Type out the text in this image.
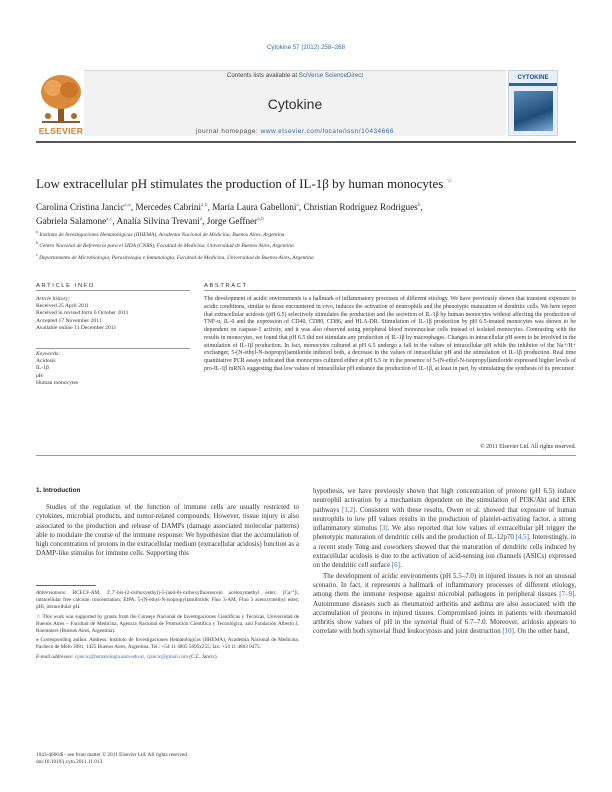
Cytokine 57 (2012) 258–268
Contents lists available at SciVerse ScienceDirect
Cytokine
journal homepage: www.elsevier.com/locate/issn/10434666
ELSEVIER
CYTOKINE
Low extracellular pH stimulates the production of IL-1β by human monocytes ☆
Carolina Cristina Jancic$^{a,⁎}$, Mercedes Cabrini$^{a,b}$, María Laura Gabelloni$^a$, Christian Rodríguez Rodrigues$^b$,
Gabriela Salamone$^{a,c}$, Analía Silvina Trevani$^a$, Jorge Geffner$^{a,b}$
$^a$ Instituto de Investigaciones Hematológicas (IIHEMA), Academia Nacional de Medicina, Buenos Aires, Argentina
$^b$ Centro Nacional de Referencia para el SIDA (CNRS), Facultad de Medicina, Universidad de Buenos Aires, Argentina
$^c$ Departamento de Microbiología, Parasitología e Inmunología, Facultad de Medicina, Universidad de Buenos Aires, Argentina
ARTICLE INFO	ABSTRACT
Article history:
Received 25 April 2011
Received in revised form 6 October 2011
Accepted 17 November 2011
Available online 11 December 2011
Keywords:
Acidosis
IL-1β
pH
Human monocytes
The development of acidic environments is a hallmark of inflammatory processes of different etiology. We have previously shown that transient exposure to acidic conditions, similar to those encountered in vivo, induces the activation of neutrophils and the phenotypic maturation of dendritic cells. We here report that extracellular acidosis (pH 6.5) selectively stimulates the production and the secretion of IL-1β by human monocytes without affecting the production of TNF-α, IL-6 and the expression of CD40, CD80, CD86, and HLA-DR. Stimulation of IL-1β production by pH 6.5-treated monocytes was shown to be dependent on caspase-1 activity, and it was also observed using peripheral blood mononuclear cells instead of isolated monocytes. Contrasting with the results in monocytes, we found that pH 6.5 did not stimulate any production of IL-1β by macrophages. Changes in intracellular pH seem to be involved in the stimulation of IL-1β production. In fact, monocytes cultured at pH 6.5 undergo a fall in the values of intracellular pH while the inhibitor of the Na+/H+ exchanger, 5-(N-ethyl-N-isopropyl)amiloride induced both, a decrease in the values of intracellular pH and the stimulation of IL-1β production. Real time quantitative PCR assays indicated that monocytes cultured either at pH 6.5 or in the presence of 5-(N-ethyl-N-isopropyl)amiloride expressed higher levels of pro-IL-1β mRNA suggesting that low values of intracellular pH enhance the production of IL-1β, at least in part, by stimulating the synthesis of its precursor.
© 2011 Elsevier Ltd. All rights reserved.
1. Introduction

Studies of the regulation of the function of immune cells are usually restricted to cytokines, microbial products, and tumor-related compounds. However, tissue injury is also associated to the production and release of DAMPs (damage associated molecular patterns) able to modulate the course of the immune response. We hypothesize that the accumulation of high concentration of protons in the extracellular medium (extracellular acidosis) function as a DAMP-like stimulus for immune cells. Supporting this

hypothesis, we have previously shown that high concentration of protons (pH 6.5) induce neutrophil activation by a mechanism dependent on the stimulation of PI3K/Akt and ERK pathways [1,2]. Consistent with these results, Owen et al. showed that exposure of human neutrophils to low pH values results in the production of platelet-activating factor, a strong inflammatory stimulus [3]. We also reported that low values of extracellular pH trigger the phenotypic maturation of dendritic cells and the production of IL-12p70 [4,5]. Interestingly, in a recent study Tong and coworkers showed that the maturation of dendritic cells induced by extracellular acidosis is due to the activation of acid-sensing ion channels (ASICs) expressed on the dendritic cell surface [6].

The development of acidic environments (pH 5.5–7.0) in injured tissues is not an unusual scenario. In fact, it represents a hallmark of inflammatory processes of different etiology, among them the immune response against microbial pathogens in peripheral tissues [7–9]. Autoimmune diseases such as rheumatoid arthritis and asthma are also associated with the accumulation of protons in injured tissues. Compromised joints in patients with rheumatoid arthritis show values of pH in the synovial fluid of 6.7–7.0. Moreover, acidosis appears to correlate with both synovial fluid leukocytosis and joint destruction [10]. On the other hand,

Abbreviations: BCECF-AM, 2′,7′-bis-(2-carboxyethyl)-5-(and-6)-carboxyfluorescein acetoxymethyl ester; [Ca²⁺]i, intracellular free calcium concentration; EIPA, 5-(N-ethyl-N-isopropyl)amiloride; Fluo 3-AM, Fluo 3 acetoxymethyl ester; pHi, intracellular pH.

☆ This work was supported by grants from the Consejo Nacional de Investigaciones Científicas y Técnicas, Universidad de Buenos Aires – Facultad de Medicina, Agencia Nacional de Promoción Científica y Tecnológica, and Fundación Alberto J. Roemmers (Buenos Aires, Argentina).

⁎ Corresponding author. Address: Instituto de Investigaciones Hematológicas (IIHEMA), Academia Nacional de Medicina, Pacheco de Melo 3081, 1425 Buenos Aires, Argentina. Tel.: +54 11 4805 5695x255; fax: +54 11 4803 9475.

E-mail addresses: cjancic@hematologia.anm.edu.ar, cjancic@gmail.com (C.C. Jancic).

1043-4666/$ - see front matter © 2011 Elsevier Ltd. All rights reserved.
doi:10.1016/j.cyto.2011.11.013
